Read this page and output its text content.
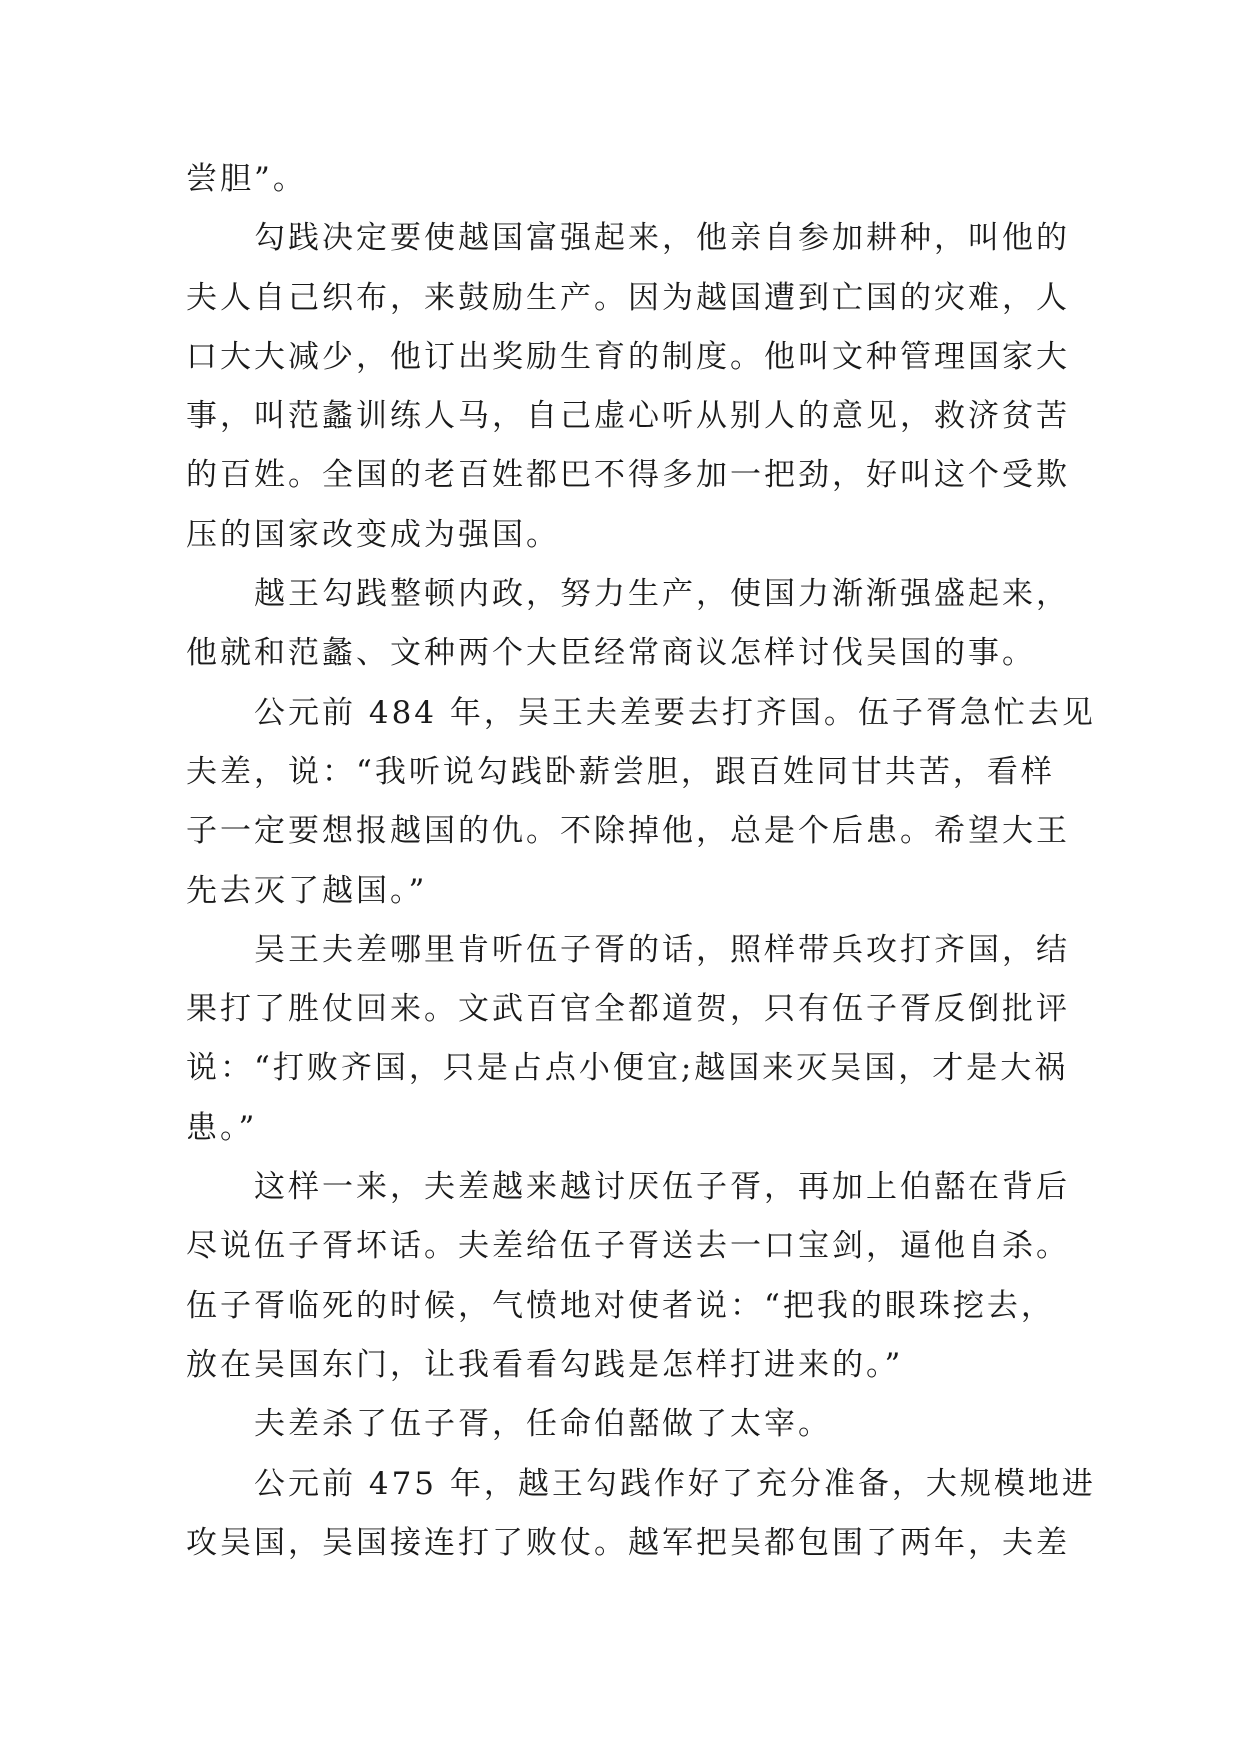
尝胆”。
勾践决定要使越国富强起来，他亲自参加耕种，叫他的
夫人自己织布，来鼓励生产。因为越国遭到亡国的灾难，人
口大大减少，他订出奖励生育的制度。他叫文种管理国家大
事，叫范蠡训练人马，自己虚心听从别人的意见，救济贫苦
的百姓。全国的老百姓都巴不得多加一把劲，好叫这个受欺
压的国家改变成为强国。
越王勾践整顿内政，努力生产，使国力渐渐强盛起来，
他就和范蠡、文种两个大臣经常商议怎样讨伐吴国的事。
公元前 484 年，吴王夫差要去打齐国。伍子胥急忙去见
夫差，说：“我听说勾践卧薪尝胆，跟百姓同甘共苦，看样
子一定要想报越国的仇。不除掉他，总是个后患。希望大王
先去灭了越国。”
吴王夫差哪里肯听伍子胥的话，照样带兵攻打齐国，结
果打了胜仗回来。文武百官全都道贺，只有伍子胥反倒批评
说：“打败齐国，只是占点小便宜;越国来灭吴国，才是大祸
患。”
这样一来，夫差越来越讨厌伍子胥，再加上伯嚭在背后
尽说伍子胥坏话。夫差给伍子胥送去一口宝剑，逼他自杀。
伍子胥临死的时候，气愤地对使者说：“把我的眼珠挖去，
放在吴国东门，让我看看勾践是怎样打进来的。”
夫差杀了伍子胥，任命伯嚭做了太宰。
公元前 475 年，越王勾践作好了充分准备，大规模地进
攻吴国，吴国接连打了败仗。越军把吴都包围了两年，夫差
